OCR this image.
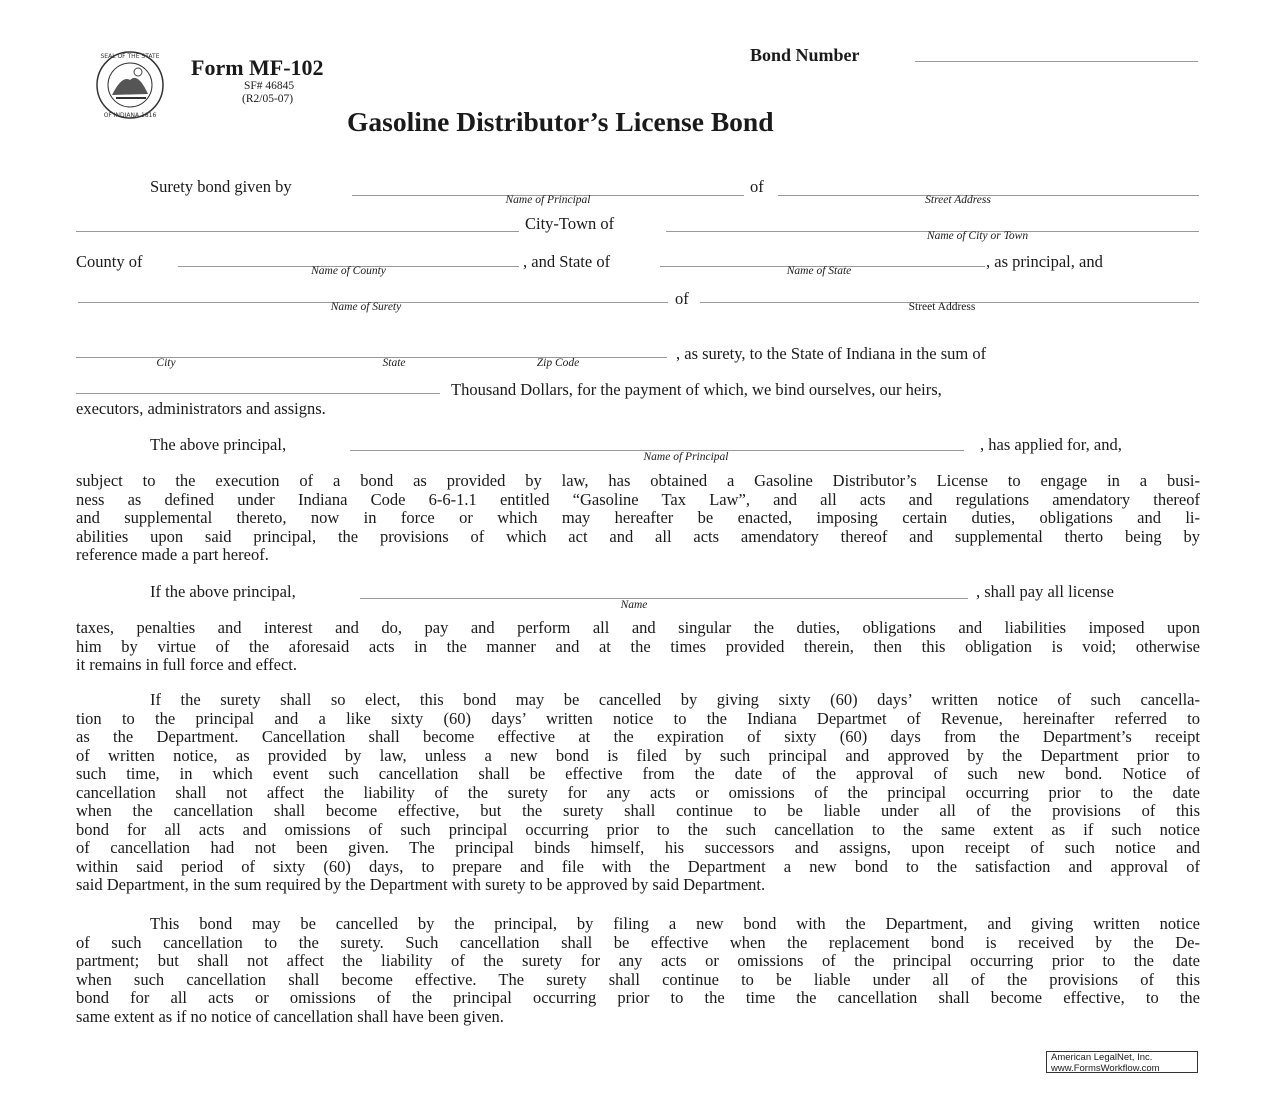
SEAL OF THE STATE
OF INDIANA 1816
Form MF-102
SF# 46845
(R2/05-07)
Bond Number
Gasoline Distributor’s License Bond
Surety bond given by
Name of Principal
of
Street Address
City-Town of
Name of City or Town
County of	Name of County	, and State of	Name of State	, as principal, and
Name of Surety	of	Street Address
City	State	Zip Code	, as surety, to the State of Indiana in the sum of
Thousand Dollars, for the payment of which, we bind ourselves, our heirs,
executors, administrators and assigns.
The above principal,
Name of Principal
, has applied for, and,
subject to the execution of a bond as provided by law, has obtained a Gasoline Distributor’s License to engage in a busi-
ness as defined under Indiana Code 6-6-1.1 entitled “Gasoline Tax Law”, and all acts and regulations amendatory thereof
and supplemental thereto, now in force or which may hereafter be enacted, imposing certain duties, obligations and li-
abilities upon said principal, the provisions of which act and all acts amendatory thereof and supplemental therto being by
reference made a part hereof.
If the above principal,
Name
, shall pay all license
taxes, penalties and interest and do, pay and perform all and singular the duties, obligations and liabilities imposed upon
him by virtue of the aforesaid acts in the manner and at the times provided therein, then this obligation is void; otherwise
it remains in full force and effect.
If the surety shall so elect, this bond may be cancelled by giving sixty (60) days’ written notice of such cancella-
tion to the principal and a like sixty (60) days’ written notice to the Indiana Departmet of Revenue, hereinafter referred to
as the Department. Cancellation shall become effective at the expiration of sixty (60) days from the Department’s receipt
of written notice, as provided by law, unless a new bond is filed by such principal and approved by the Department prior to
such time, in which event such cancellation shall be effective from the date of the approval of such new bond. Notice of
cancellation shall not affect the liability of the surety for any acts or omissions of the principal occurring prior to the date
when the cancellation shall become effective, but the surety shall continue to be liable under all of the provisions of this
bond for all acts and omissions of such principal occurring prior to the such cancellation to the same extent as if such notice
of cancellation had not been given. The principal binds himself, his successors and assigns, upon receipt of such notice and
within said period of sixty (60) days, to prepare and file with the Department a new bond to the satisfaction and approval of
said Department, in the sum required by the Department with surety to be approved by said Department.
This bond may be cancelled by the principal, by filing a new bond with the Department, and giving written notice
of such cancellation to the surety. Such cancellation shall be effective when the replacement bond is received by the De-
partment; but shall not affect the liability of the surety for any acts or omissions of the principal occurring prior to the date
when such cancellation shall become effective. The surety shall continue to be liable under all of the provisions of this
bond for all acts or omissions of the principal occurring prior to the time the cancellation shall become effective, to the
same extent as if no notice of cancellation shall have been given.
American LegalNet, Inc.
www.FormsWorkflow.com
